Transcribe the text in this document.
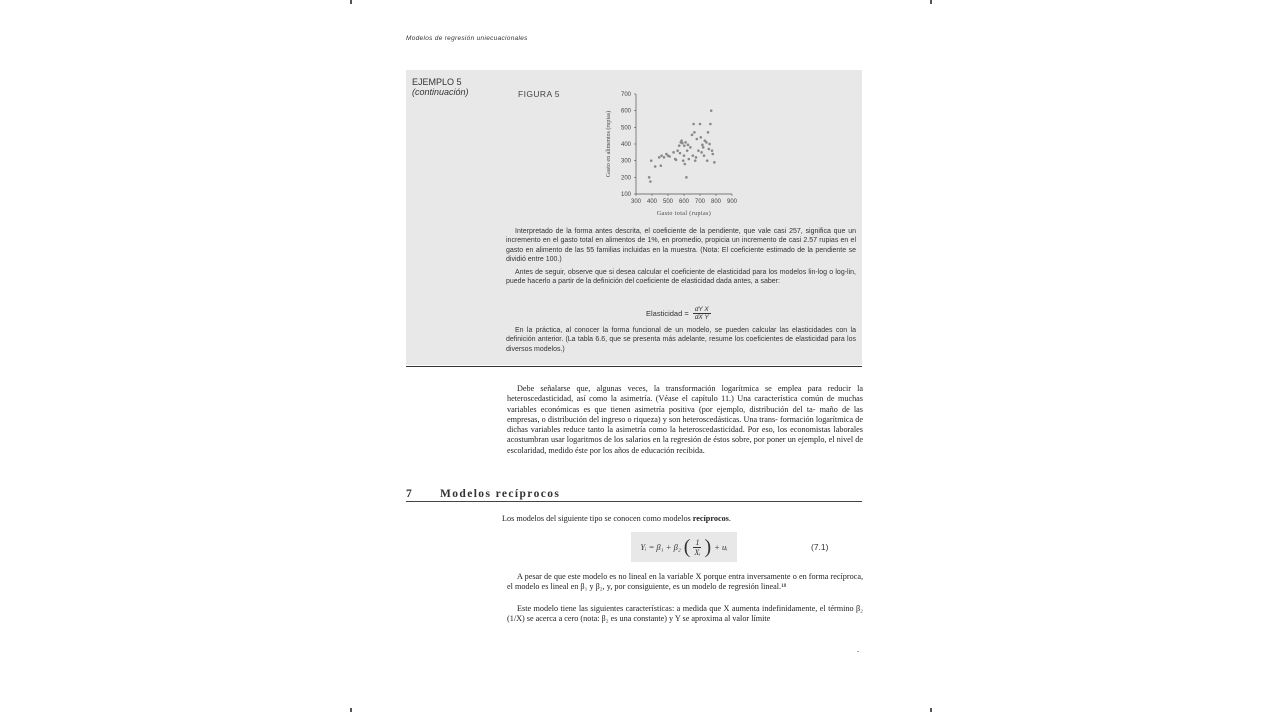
Modelos de regresión uniecuacionales
EJEMPLO 5
(continuación)	FIGURA 5
100
200
300
400
500
600
700
300 400 500 600 700 800 900
Gasto total (rupias)
Gasto en alimentos (rupias)

Interpretado de la forma antes descrita, el coeficiente de la pendiente, que vale casi 257, significa que un incremento en el gasto total en alimentos de 1%, en promedio, propicia un incremento de casi 2.57 rupias en el gasto en alimento de las 55 familias incluidas en la muestra. (Nota: El coeficiente estimado de la pendiente se dividió entre 100.)

Antes de seguir, observe que si desea calcular el coeficiente de elasticidad para los modelos lin-log o log-lin, puede hacerlo a partir de la definición del coeficiente de elasticidad dada antes, a saber:

Elasticidad = $\frac{\text{dY X}}{\text{dX Y}}$

En la práctica, al conocer la forma funcional de un modelo, se pueden calcular las elasticidades con la definición anterior. (La tabla 6.6, que se presenta más adelante, resume los coeficientes de elasticidad para los diversos modelos.)

Debe señalarse que, algunas veces, la transformación logarítmica se emplea para reducir la heteroscedasticidad, así como la asimetría. (Véase el capítulo 11.) Una característica común de muchas variables económicas es que tienen asimetría positiva (por ejemplo, distribución del ta- maño de las empresas, o distribución del ingreso o riqueza) y son heteroscedásticas. Una trans- formación logarítmica de dichas variables reduce tanto la asimetría como la heteroscedasticidad. Por eso, los economistas laborales acostumbran usar logaritmos de los salarios en la regresión de éstos sobre, por poner un ejemplo, el nivel de escolaridad, medido éste por los años de educación recibida.

7 Modelos recíprocos
Los modelos del siguiente tipo se conocen como modelos recíprocos.
Yᵢ = β₁ + β₂ ( $\frac{1}{\text{Xᵢ}}$ ) + uᵢ	(7.1)

A pesar de que este modelo es no lineal en la variable X porque entra inversamente o en forma recíproca, el modelo es lineal en β₁ y β₂, y, por consiguiente, es un modelo de regresión lineal.¹⁸

Este modelo tiene las siguientes características: a medida que X aumenta indefinidamente, el término β₂ (1/X) se acerca a cero (nota: β₂ es una constante) y Y se aproxima al valor límite

.
